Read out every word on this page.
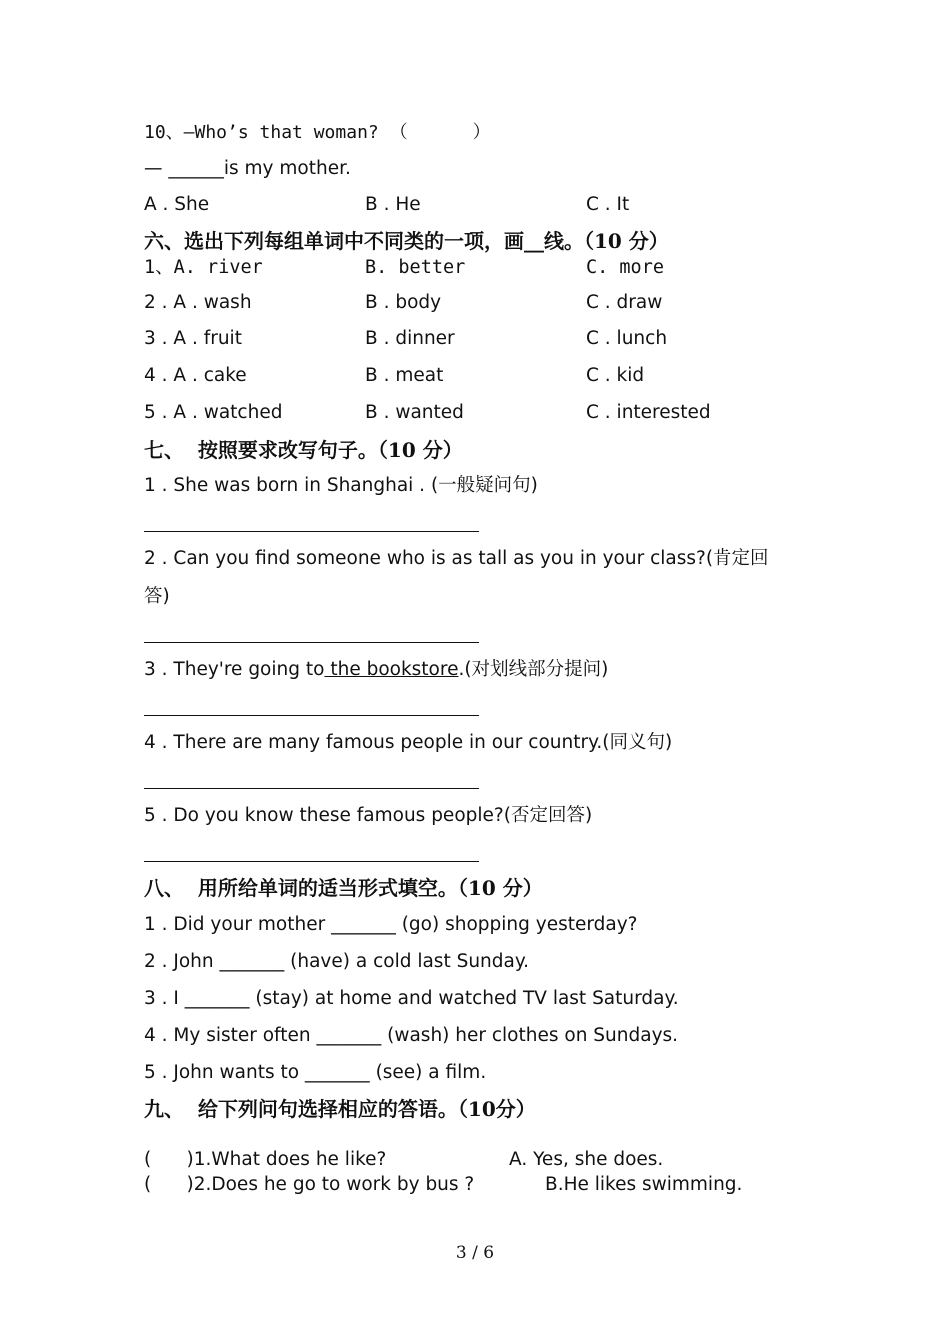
10、—Who’s that woman? （      ）
— ______is my mother.
A . She	B . He	C . It
六、选出下列每组单词中不同类的一项，画__线。（10 分）
1、A. river	B. better	C. more
2 . A . wash	B . body	C . draw
3 . A . fruit	B . dinner	C . lunch
4 . A . cake	B . meat	C . kid
5 . A . watched	B . wanted	C . interested
七、  按照要求改写句子。（10 分）
1 . She was born in Shanghai . (一般疑问句)
2 . Can you find someone who is as tall as you in your class?(肯定回
答)
3 . They're going to the bookstore.(对划线部分提问)
4 . There are many famous people in our country.(同义句)
5 . Do you know these famous people?(否定回答)
八、  用所给单词的适当形式填空。（10 分）
1 . Did your mother _______ (go) shopping yesterday?
2 . John _______ (have) a cold last Sunday.
3 . I _______ (stay) at home and watched TV last Saturday.
4 . My sister often _______ (wash) her clothes on Sundays.
5 . John wants to _______ (see) a film.
九、  给下列问句选择相应的答语。（10分）
(      )1.What does he like?	A. Yes, she does.
(      )2.Does he go to work by bus ?	B.He likes swimming.
3 / 6
